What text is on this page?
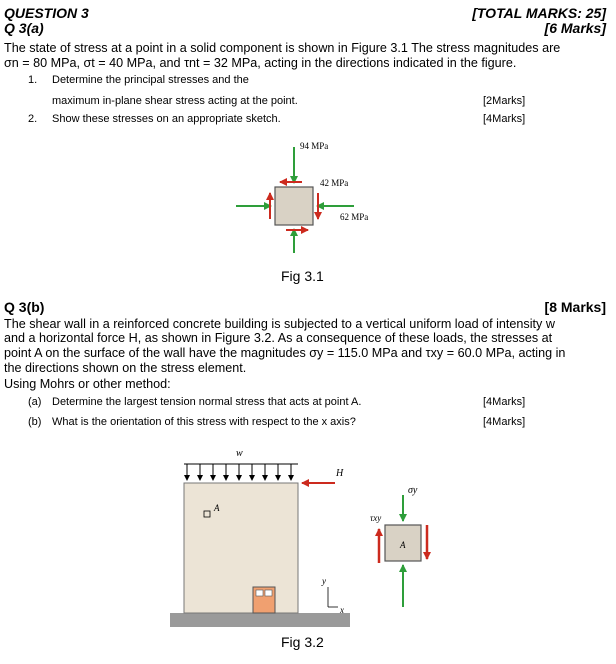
QUESTION 3	[TOTAL MARKS: 25]
Q 3(a)	[6 Marks]
The state of stress at a point in a solid component is shown in Figure 3.1 The stress magnitudes are
σn = 80 MPa, σt = 40 MPa, and τnt = 32 MPa, acting in the directions indicated in the figure.
1. Determine the principal stresses and the
maximum in-plane shear stress acting at the point.	[2Marks]
2. Show these stresses on an appropriate sketch.	[4Marks]
94 MPa
42 MPa
62 MPa
Fig 3.1
Q 3(b)	[8 Marks]
The shear wall in a reinforced concrete building is subjected to a vertical uniform load of intensity w
and a horizontal force H, as shown in Figure 3.2. As a consequence of these loads, the stresses at
point A on the surface of the wall have the magnitudes σy = 115.0 MPa and τxy = 60.0 MPa, acting in
the directions shown on the stress element.
Using Mohrs or other method:
(a) Determine the largest tension normal stress that acts at point A.	[4Marks]
(b) What is the orientation of this stress with respect to the x axis?	[4Marks]
w
H
A
y
x
A
σy
τxy
Fig 3.2
